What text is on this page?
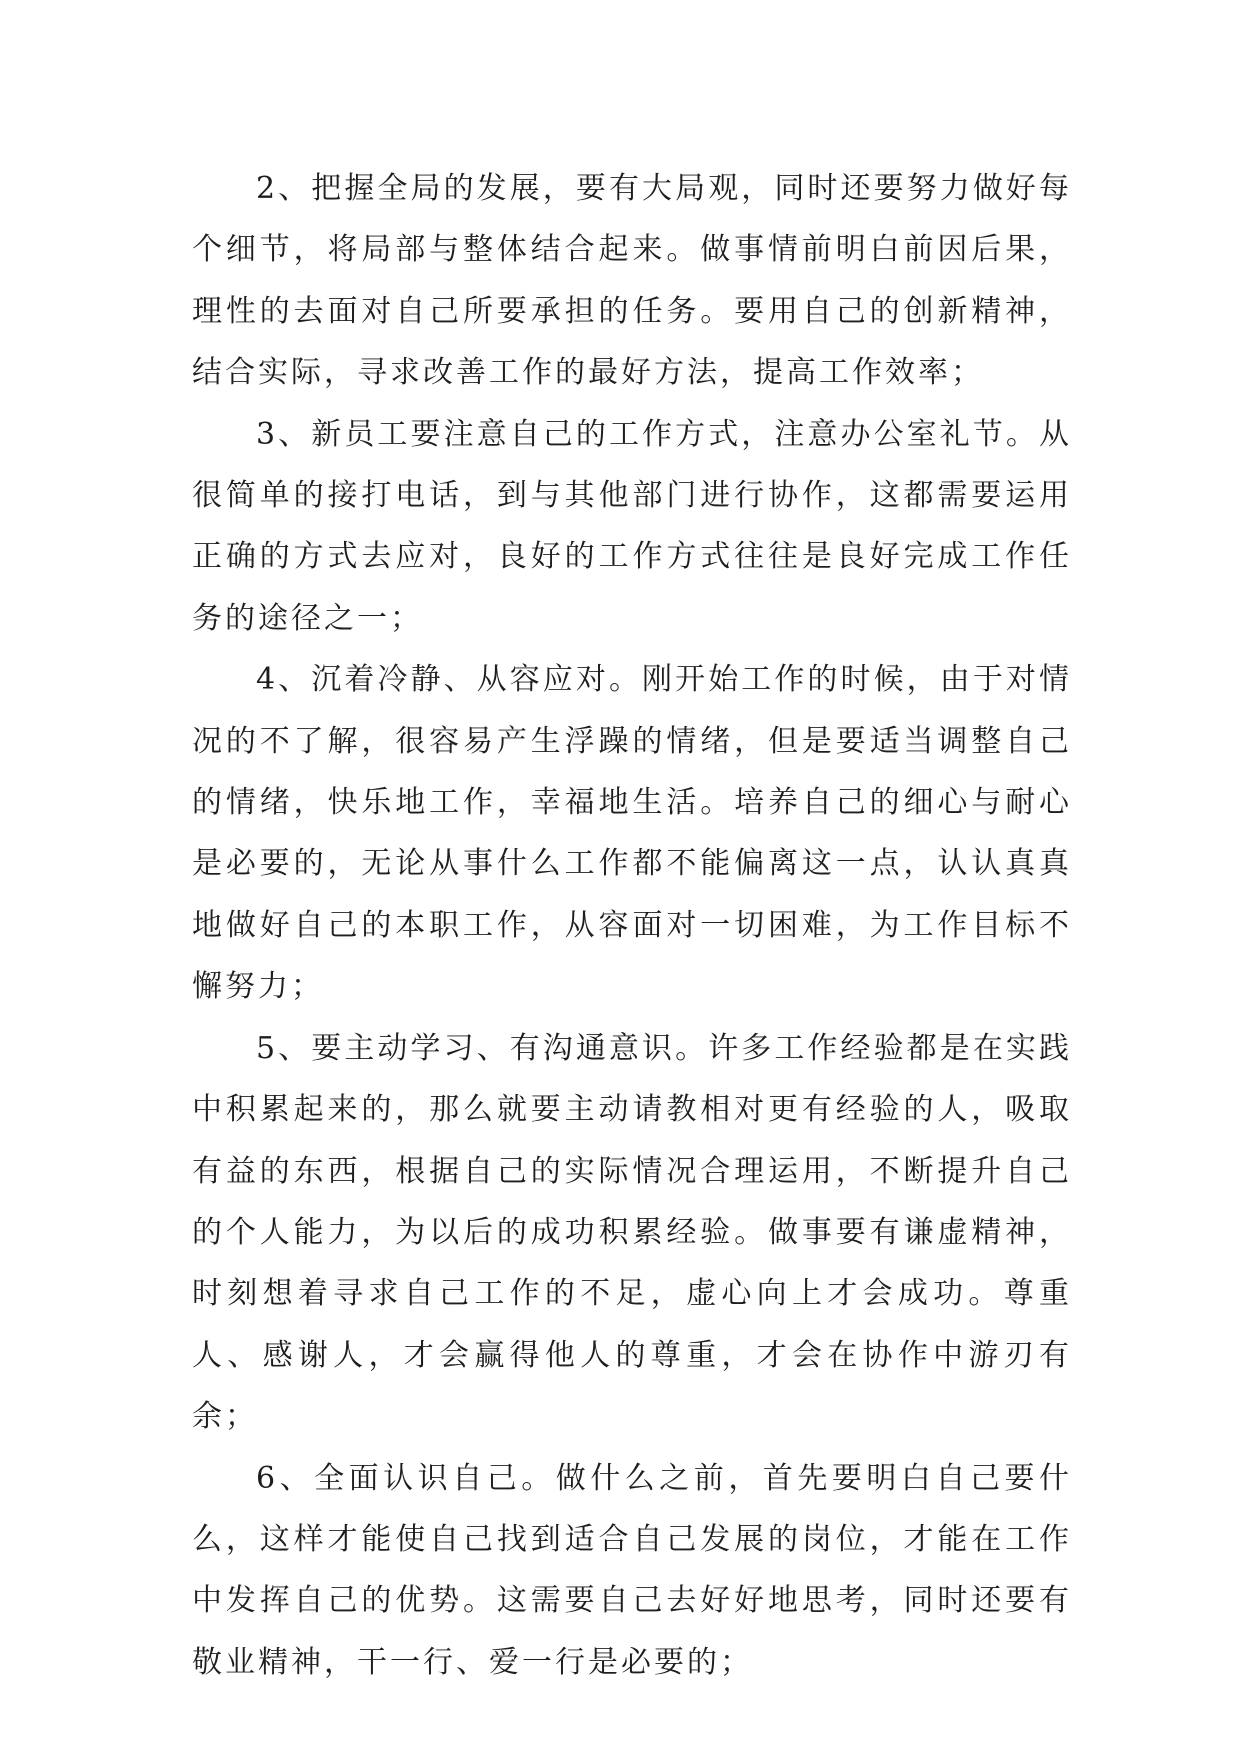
2、把握全局的发展，要有大局观，同时还要努力做好每个细节，将局部与整体结合起来。做事情前明白前因后果，理性的去面对自己所要承担的任务。要用自己的创新精神，结合实际，寻求改善工作的最好方法，提高工作效率；

3、新员工要注意自己的工作方式，注意办公室礼节。从很简单的接打电话，到与其他部门进行协作，这都需要运用正确的方式去应对，良好的工作方式往往是良好完成工作任务的途径之一；

4、沉着冷静、从容应对。刚开始工作的时候，由于对情况的不了解，很容易产生浮躁的情绪，但是要适当调整自己的情绪，快乐地工作，幸福地生活。培养自己的细心与耐心是必要的，无论从事什么工作都不能偏离这一点，认认真真地做好自己的本职工作，从容面对一切困难，为工作目标不懈努力；

5、要主动学习、有沟通意识。许多工作经验都是在实践中积累起来的，那么就要主动请教相对更有经验的人，吸取有益的东西，根据自己的实际情况合理运用，不断提升自己的个人能力，为以后的成功积累经验。做事要有谦虚精神，时刻想着寻求自己工作的不足，虚心向上才会成功。尊重人、感谢人，才会赢得他人的尊重，才会在协作中游刃有余；

6、全面认识自己。做什么之前，首先要明白自己要什么，这样才能使自己找到适合自己发展的岗位，才能在工作中发挥自己的优势。这需要自己去好好地思考，同时还要有敬业精神，干一行、爱一行是必要的；
